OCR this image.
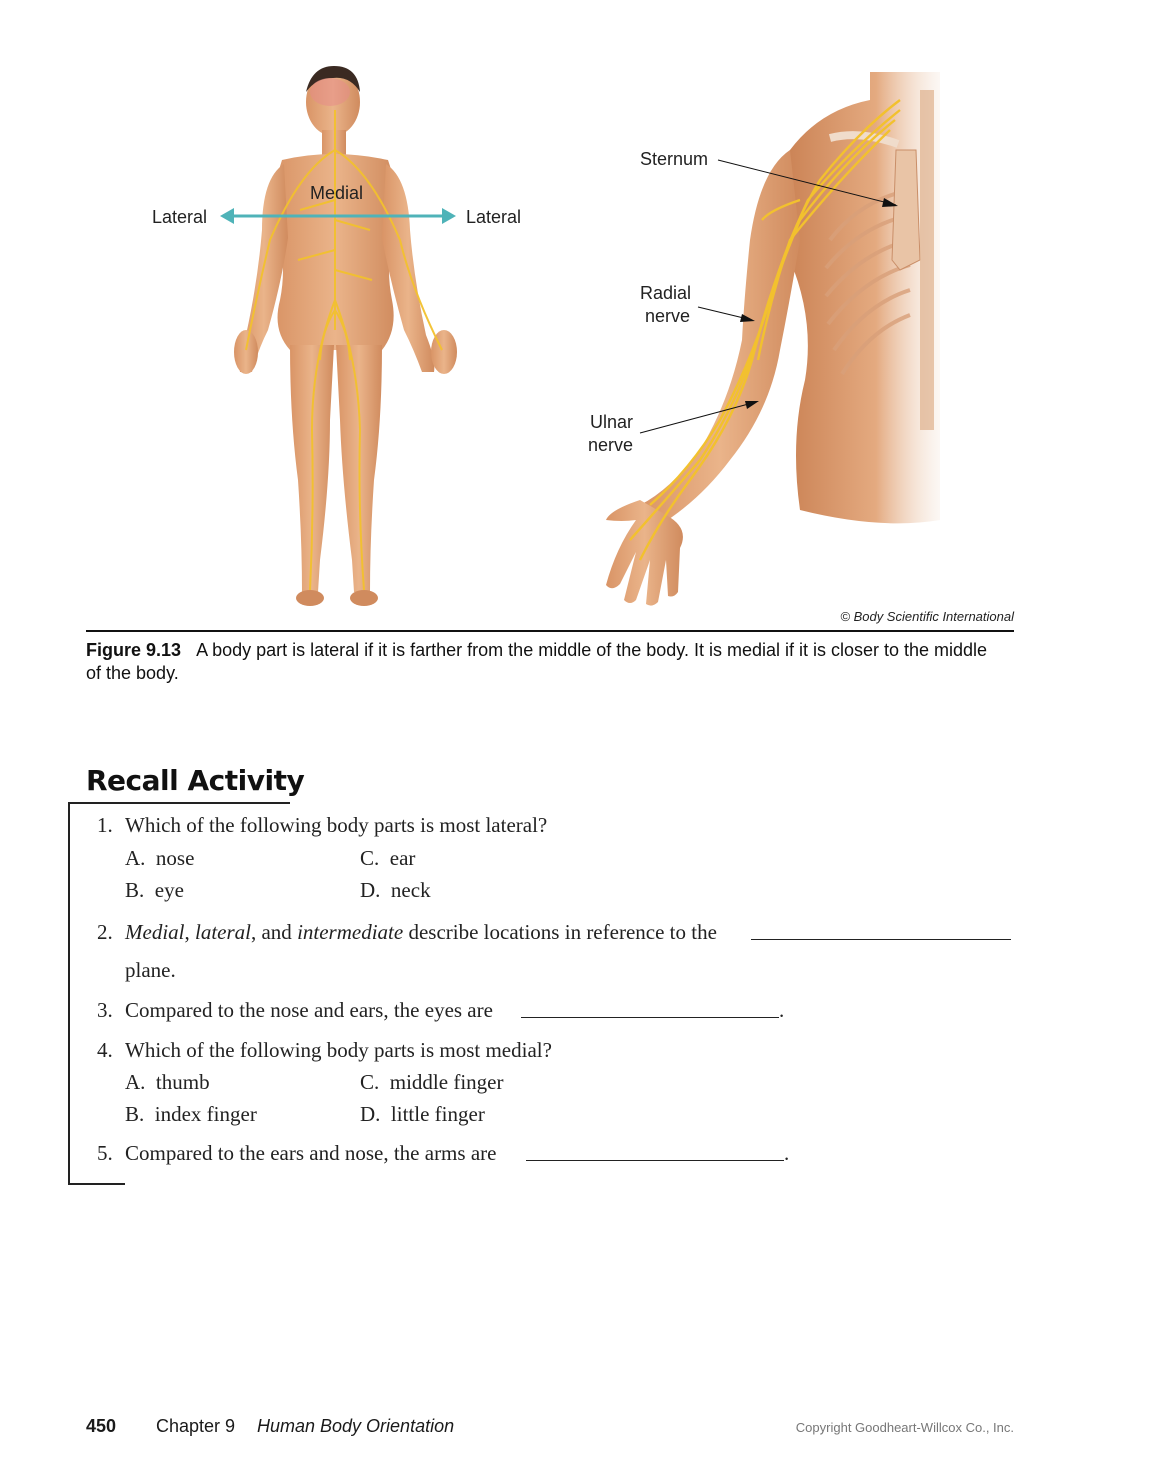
Lateral
Medial
Lateral
Sternum
Radial
nerve
Ulnar
nerve
© Body Scientific International
Figure 9.13 A body part is lateral if it is farther from the middle of the body. It is medial if it is closer to the middle of the body.
Recall Activity
1. Which of the following body parts is most lateral?
A. nose	C. ear
B. eye	D. neck
2. Medial, lateral, and intermediate describe locations in reference to the
plane.
3. Compared to the nose and ears, the eyes are	.
4. Which of the following body parts is most medial?
A. thumb	C. middle finger
B. index finger	D. little finger
5. Compared to the ears and nose, the arms are	.
450 Chapter 9 Human Body Orientation	Copyright Goodheart-Willcox Co., Inc.
